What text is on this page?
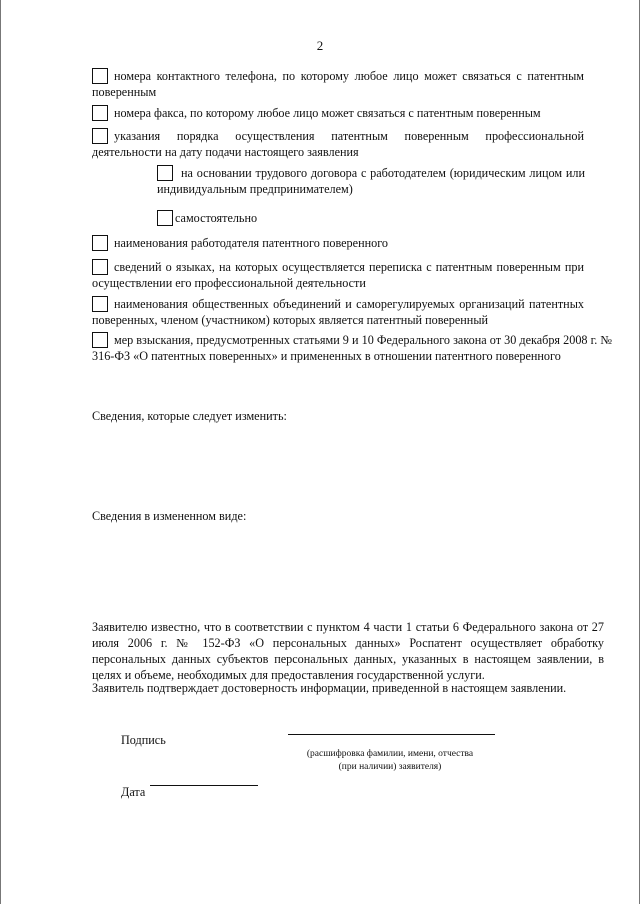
2
номера контактного телефона, по которому любое лицо может связаться с патентным поверенным
номера факса, по которому любое лицо может связаться с патентным поверенным
указания порядка осуществления патентным поверенным профессиональной деятельности на дату подачи настоящего заявления
на основании трудового договора с работодателем (юридическим лицом или индивидуальным предпринимателем)
самостоятельно
наименования работодателя патентного поверенного
сведений о языках, на которых осуществляется переписка с патентным поверенным при осуществлении его профессиональной деятельности
наименования общественных объединений и саморегулируемых организаций патентных поверенных, членом (участником) которых является патентный поверенный
мер взыскания, предусмотренных статьями 9 и 10 Федерального закона от 30 декабря 2008 г. № 316-ФЗ «О патентных поверенных» и примененных в отношении патентного поверенного
Сведения, которые следует изменить:
Сведения в измененном виде:
Заявителю известно, что в соответствии с пунктом 4 части 1 статьи 6 Федерального закона от 27 июля 2006 г. № 152-ФЗ «О персональных данных» Роспатент осуществляет обработку персональных данных субъектов персональных данных, указанных в настоящем заявлении, в целях и объеме, необходимых для предоставления государственной услуги.
Заявитель подтверждает достоверность информации, приведенной в настоящем заявлении.
Подпись
(расшифровка фамилии, имени, отчества
(при наличии) заявителя)
Дата
